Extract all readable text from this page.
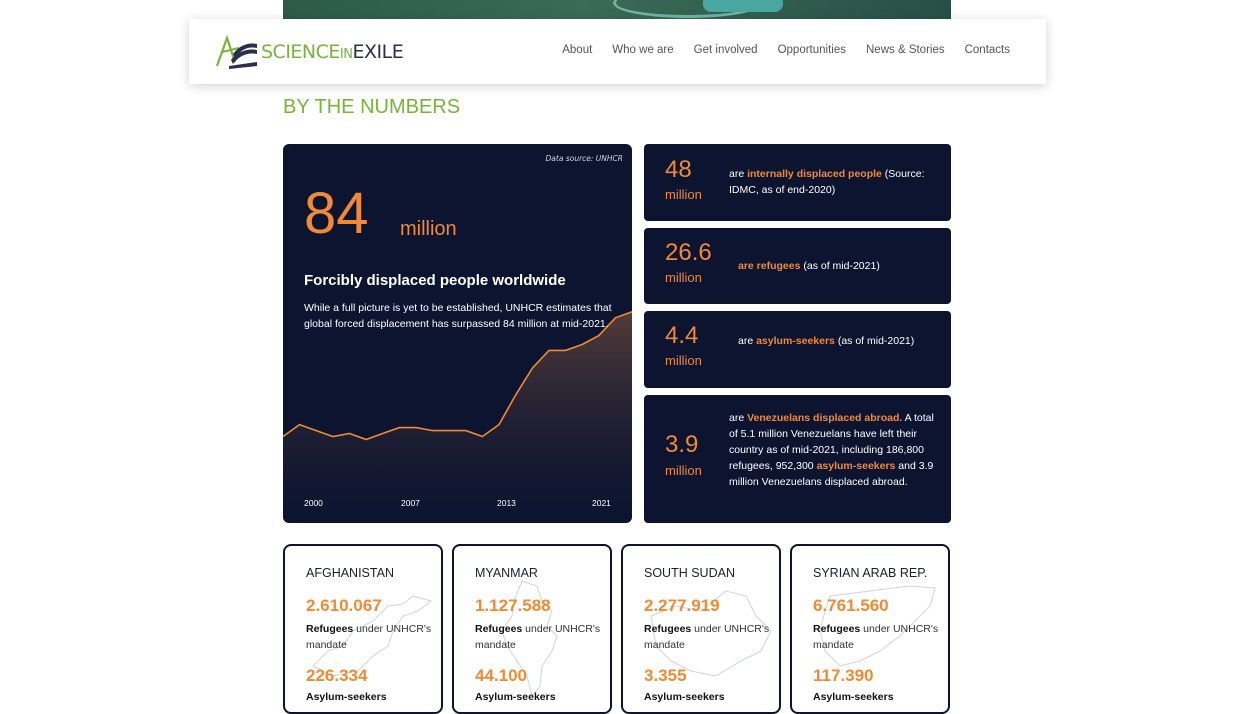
SCIENCEINEXILE	About Who we are Get involved Opportunities News & Stories Contacts
BY THE NUMBERS
Data source: UNHCR
84 million
Forcibly displaced people worldwide
While a full picture is yet to be established, UNHCR estimates that global forced displacement has surpassed 84 million at mid-2021.
2000	2007	2013	2021
48
million
are internally displaced people (Source: IDMC, as of end-2020)
26.6
million
are refugees (as of mid-2021)
4.4
million
are asylum-seekers (as of mid-2021)
3.9
million
are Venezuelans displaced abroad. A total of 5.1 million Venezuelans have left their country as of mid-2021, including 186,800 refugees, 952,300 asylum-seekers and 3.9 million Venezuelans displaced abroad.
AFGHANISTAN
2.610.067
Refugees under UNHCR's mandate
226.334
Asylum-seekers
MYANMAR
1.127.588
Refugees under UNHCR's mandate
44.100
Asylum-seekers
SOUTH SUDAN
2.277.919
Refugees under UNHCR's mandate
3.355
Asylum-seekers
SYRIAN ARAB REP.
6.761.560
Refugees under UNHCR's mandate
117.390
Asylum-seekers
